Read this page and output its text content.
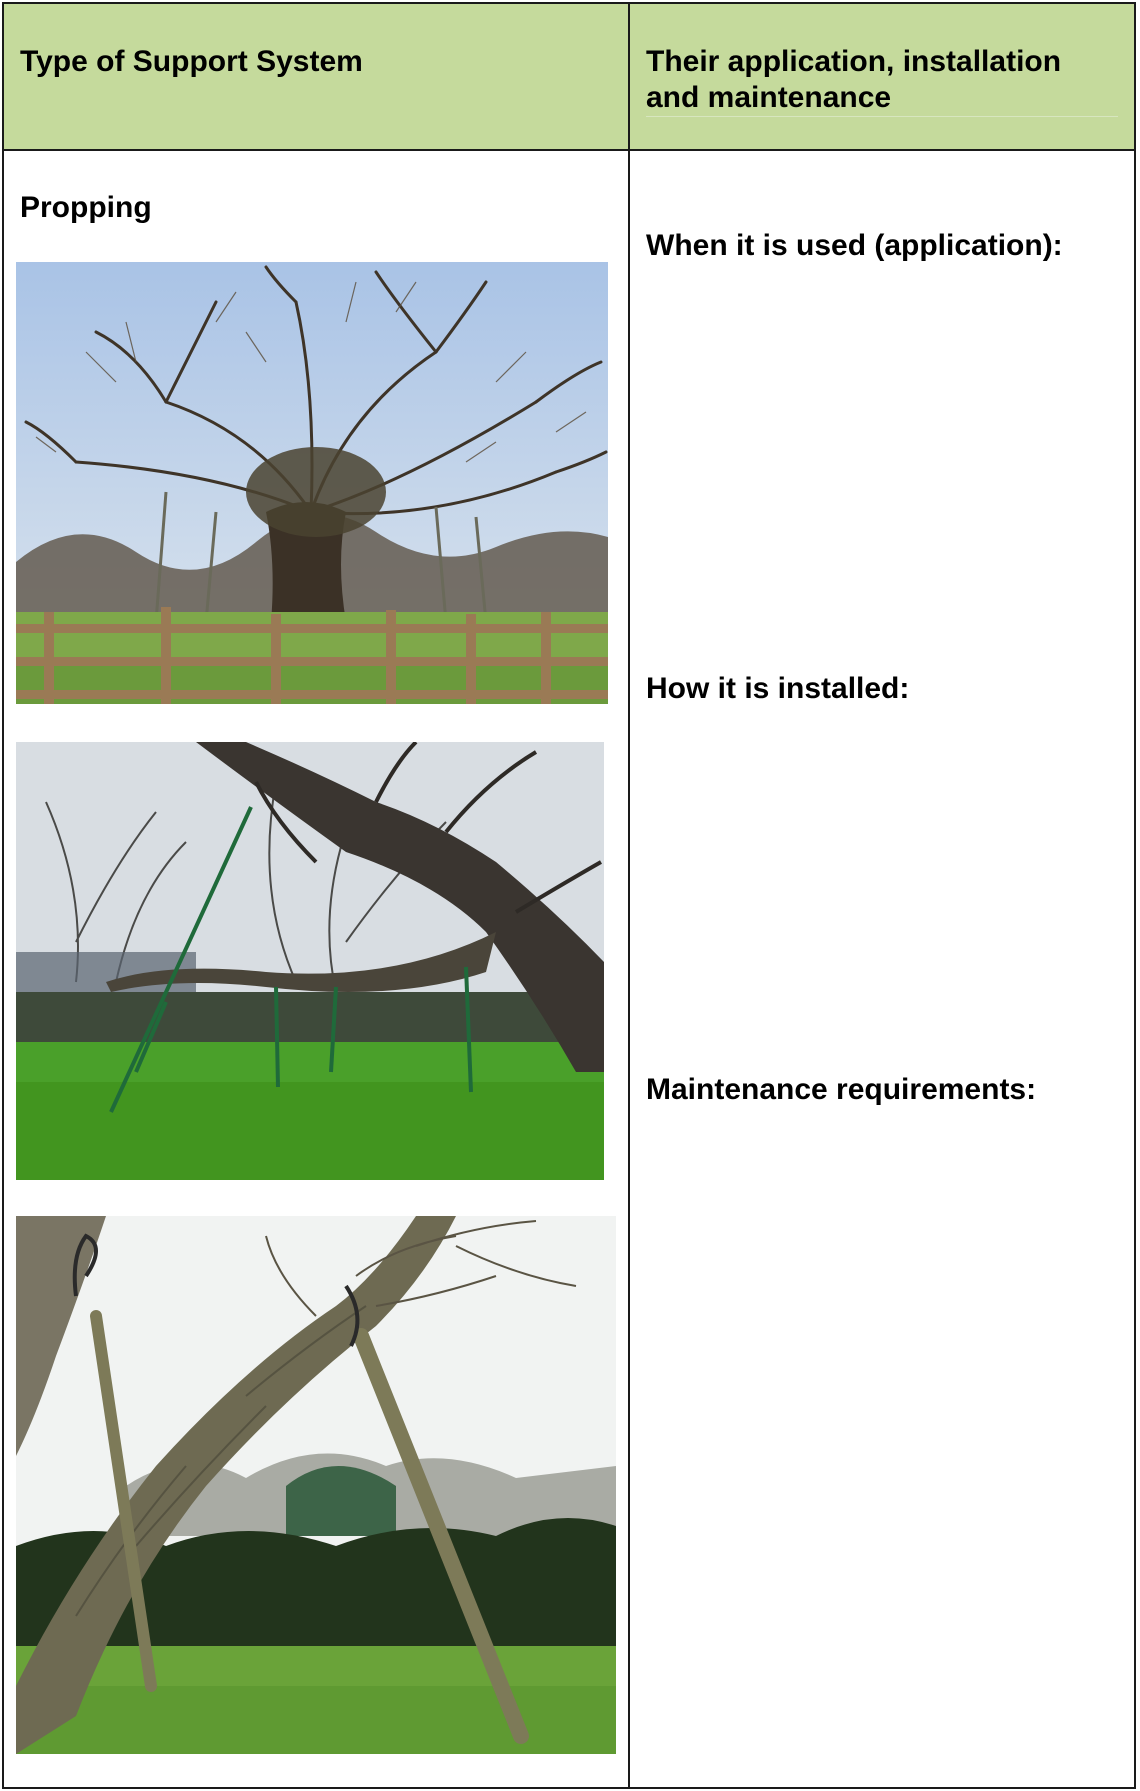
Type of Support System	Their application, installation and maintenance
Propping
When it is used (application):
How it is installed:
Maintenance requirements:
